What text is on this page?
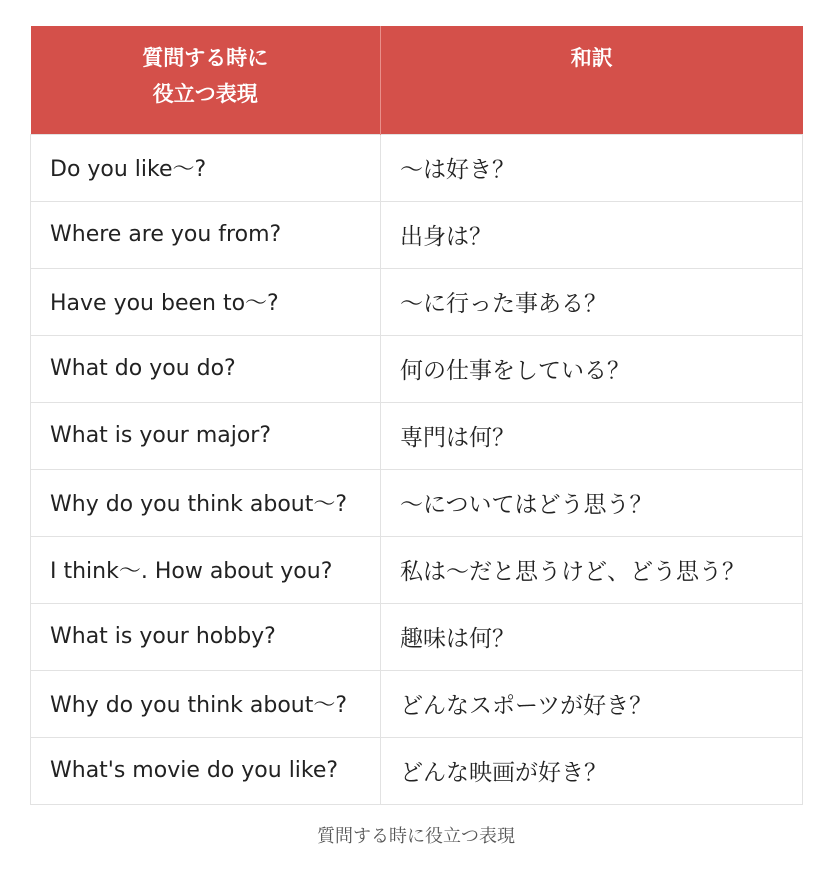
質問する時に
役立つ表現	和訳
Do you like～?	～は好き？
Where are you from?	出身は？
Have you been to～?	～に行った事ある？
What do you do?	何の仕事をしている？
What is your major?	専門は何？
Why do you think about～?	～についてはどう思う？
I think～. How about you?	私は～だと思うけど、どう思う？
What is your hobby?	趣味は何？
Why do you think about～?	どんなスポーツが好き？
What's movie do you like?	どんな映画が好き？
質問する時に役立つ表現
